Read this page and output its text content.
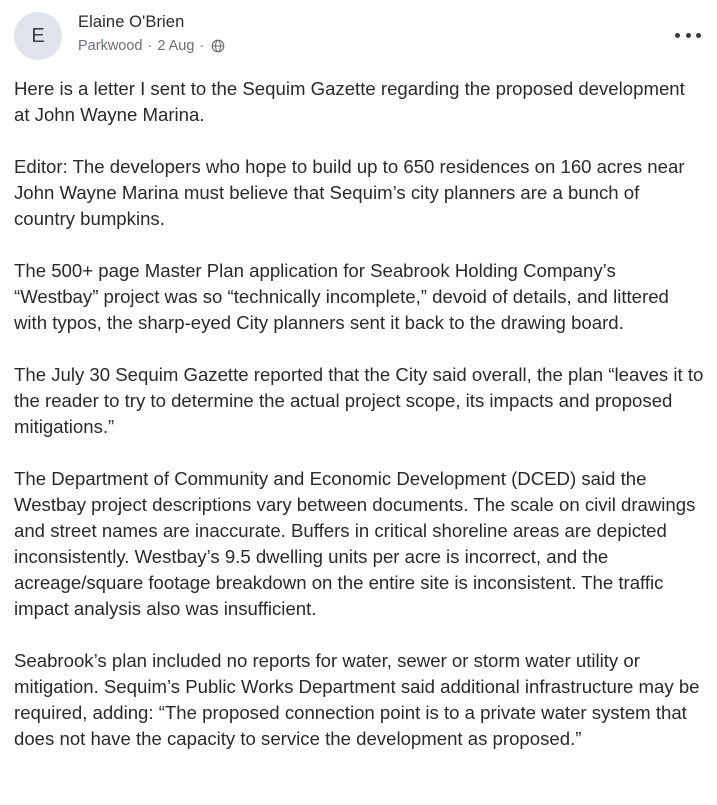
E
Elaine O'Brien
Parkwood · 2 Aug ·

Here is a letter I sent to the Sequim Gazette regarding the proposed development at John Wayne Marina.

Editor: The developers who hope to build up to 650 residences on 160 acres near John Wayne Marina must believe that Sequim’s city planners are a bunch of country bumpkins.

The 500+ page Master Plan application for Seabrook Holding Company’s “Westbay” project was so “technically incomplete,” devoid of details, and littered with typos, the sharp-eyed City planners sent it back to the drawing board.

The July 30 Sequim Gazette reported that the City said overall, the plan “leaves it to the reader to try to determine the actual project scope, its impacts and proposed mitigations.”

The Department of Community and Economic Development (DCED) said the Westbay project descriptions vary between documents. The scale on civil drawings and street names are inaccurate. Buffers in critical shoreline areas are depicted inconsistently. Westbay’s 9.5 dwelling units per acre is incorrect, and the acreage/square footage breakdown on the entire site is inconsistent. The traffic impact analysis also was insufficient.

Seabrook’s plan included no reports for water, sewer or storm water utility or mitigation. Sequim’s Public Works Department said additional infrastructure may be required, adding: “The proposed connection point is to a private water system that does not have the capacity to service the development as proposed.”
